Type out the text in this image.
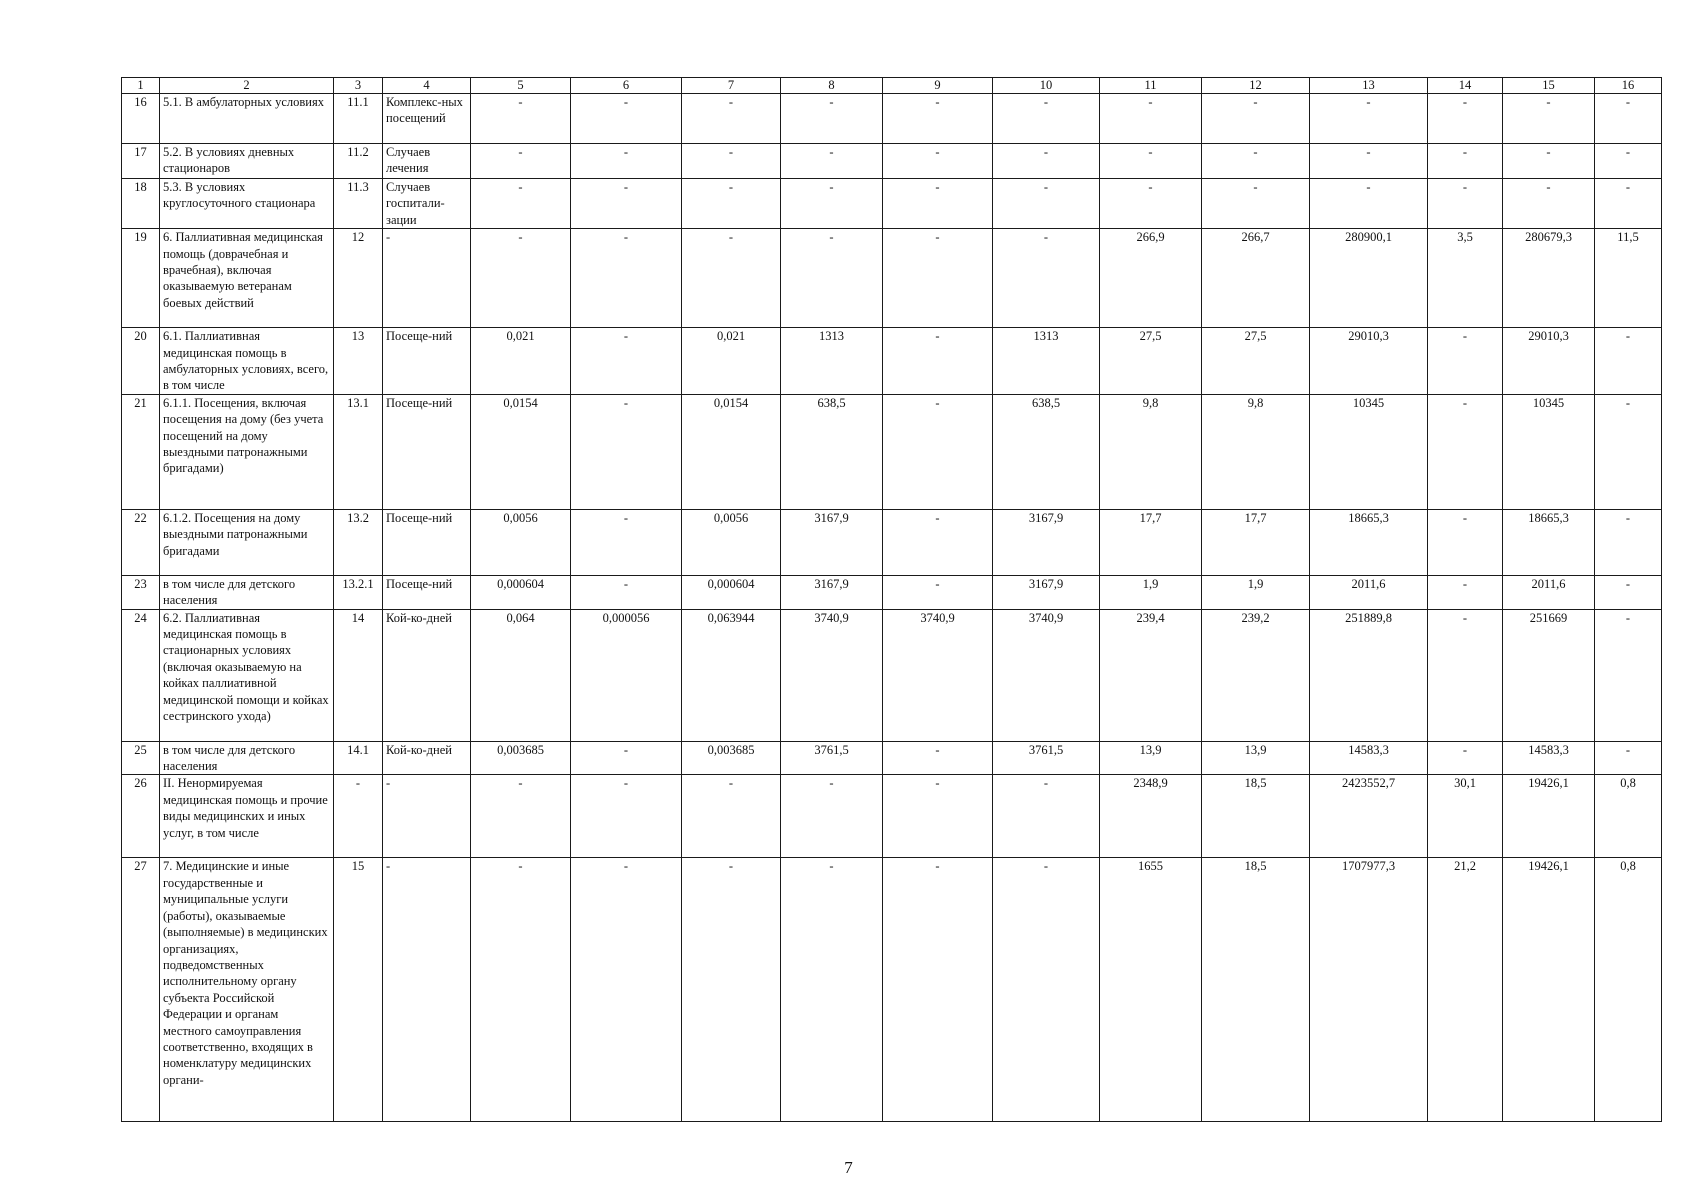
1	2	3	4	5	6	7	8	9	10	11	12	13	14	15	16
16	5.1. В амбулаторных условиях	11.1	Комплекс-ных посещений	-	-	-	-	-	-	-	-	-	-	-	-
17	5.2. В условиях дневных стационаров	11.2	Случаев лечения	-	-	-	-	-	-	-	-	-	-	-	-
18	5.3. В условиях круглосуточного стационара	11.3	Случаев госпитали-зации	-	-	-	-	-	-	-	-	-	-	-	-
19	6. Паллиативная медицинская помощь (доврачебная и врачебная), включая оказываемую ветеранам боевых действий	12	-	-	-	-	-	-	-	266,9	266,7	280900,1	3,5	280679,3	11,5
20	6.1. Паллиативная медицинская помощь в амбулаторных условиях, всего, в том числе	13	Посеще-ний	0,021	-	0,021	1313	-	1313	27,5	27,5	29010,3	-	29010,3	-
21	6.1.1. Посещения, включая посещения на дому (без учета посещений на дому выездными патронажными бригадами)	13.1	Посеще-ний	0,0154	-	0,0154	638,5	-	638,5	9,8	9,8	10345	-	10345	-
22	6.1.2. Посещения на дому выездными патронажными бригадами	13.2	Посеще-ний	0,0056	-	0,0056	3167,9	-	3167,9	17,7	17,7	18665,3	-	18665,3	-
23	в том числе для детского населения	13.2.1	Посеще-ний	0,000604	-	0,000604	3167,9	-	3167,9	1,9	1,9	2011,6	-	2011,6	-
24	6.2. Паллиативная медицинская помощь в стационарных условиях (включая оказываемую на койках паллиативной медицинской помощи и койках сестринского ухода)	14	Кой-ко-дней	0,064	0,000056	0,063944	3740,9	3740,9	3740,9	239,4	239,2	251889,8	-	251669	-
25	в том числе для детского населения	14.1	Кой-ко-дней	0,003685	-	0,003685	3761,5	-	3761,5	13,9	13,9	14583,3	-	14583,3	-
26	II. Ненормируемая медицинская помощь и прочие виды медицинских и иных услуг, в том числе	-	-	-	-	-	-	-	-	2348,9	18,5	2423552,7	30,1	19426,1	0,8
27	7. Медицинские и иные государственные и муниципальные услуги (работы), оказываемые (выполняемые) в медицинских организациях, подведомственных исполнительному органу субъекта Российской Федерации и органам местного самоуправления соответственно, входящих в номенклатуру медицинских органи-	15	-	-	-	-	-	-	-	1655	18,5	1707977,3	21,2	19426,1	0,8
7
